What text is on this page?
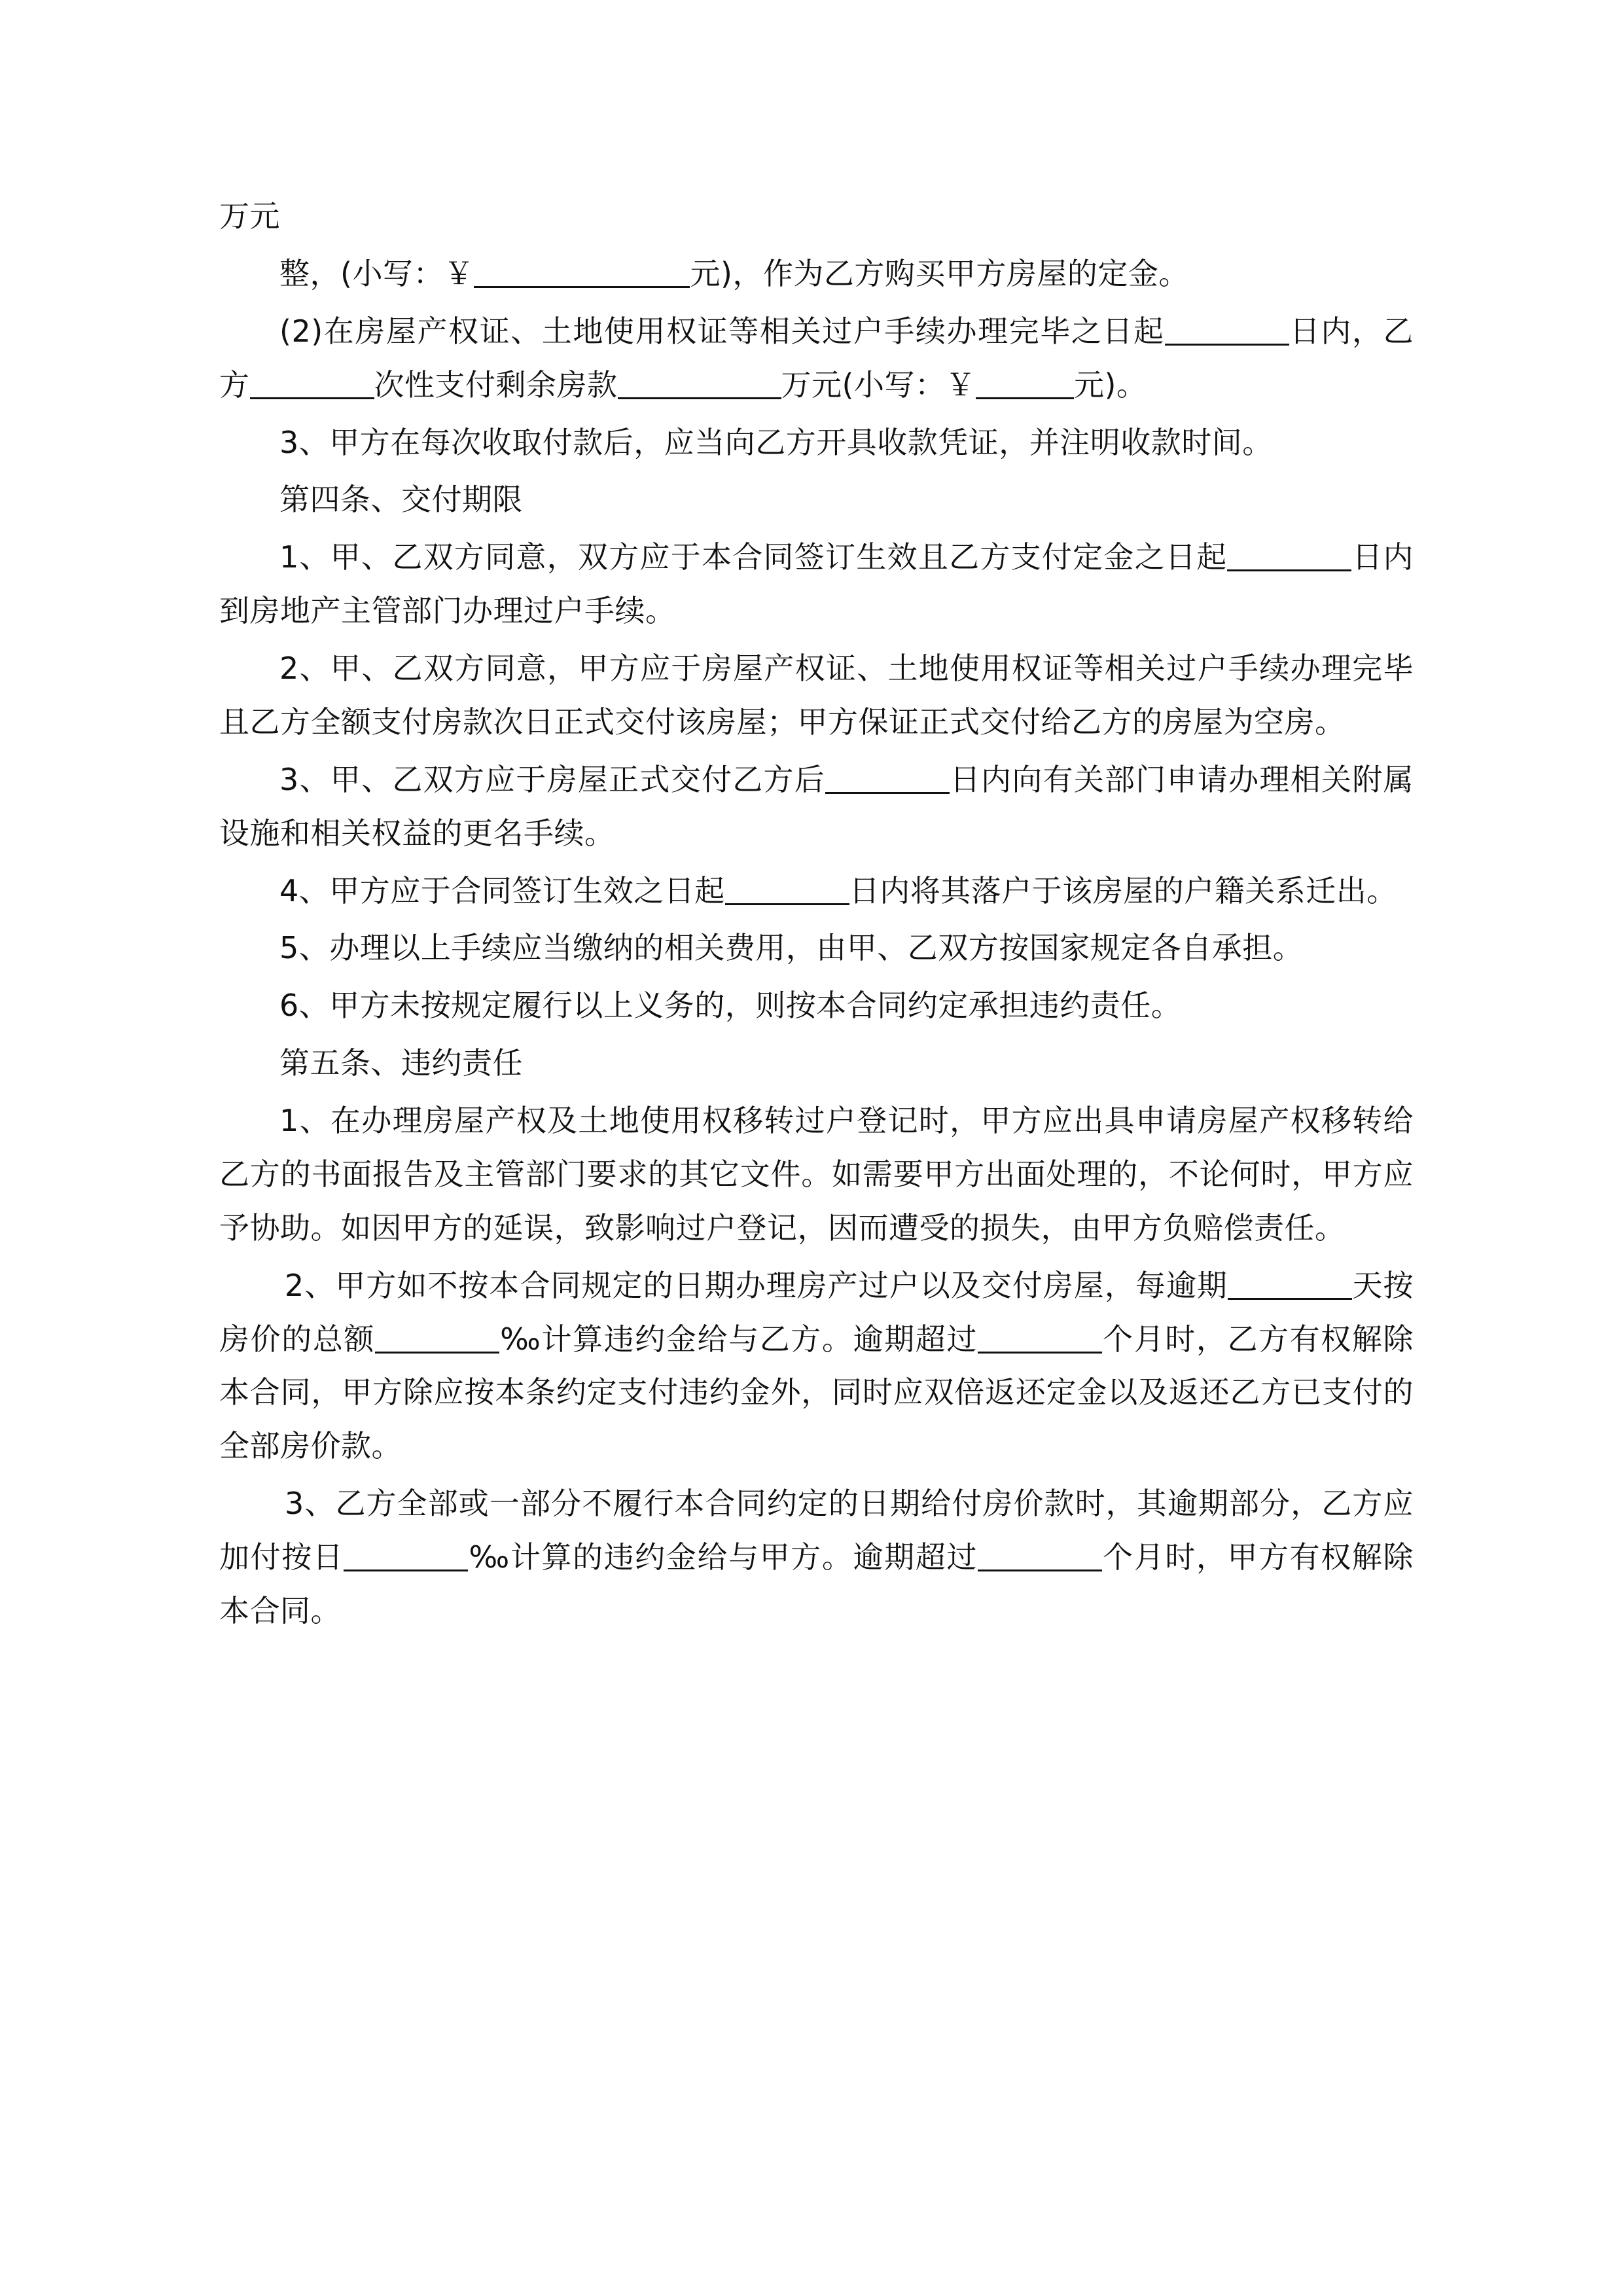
万元

整，(小写：￥	元)，作为乙方购买甲方房屋的定金。

(2)在房屋产权证、土地使用权证等相关过户手续办理完毕之日起	日内，乙方	次性支付剩余房款	万元(小写：￥	元)。

3、甲方在每次收取付款后，应当向乙方开具收款凭证，并注明收款时间。

第四条、交付期限

1、甲、乙双方同意，双方应于本合同签订生效且乙方支付定金之日起	日内到房地产主管部门办理过户手续。

2、甲、乙双方同意，甲方应于房屋产权证、土地使用权证等相关过户手续办理完毕且乙方全额支付房款次日正式交付该房屋；甲方保证正式交付给乙方的房屋为空房。

3、甲、乙双方应于房屋正式交付乙方后	日内向有关部门申请办理相关附属设施和相关权益的更名手续。

4、甲方应于合同签订生效之日起	日内将其落户于该房屋的户籍关系迁出。

5、办理以上手续应当缴纳的相关费用，由甲、乙双方按国家规定各自承担。

6、甲方未按规定履行以上义务的，则按本合同约定承担违约责任。

第五条、违约责任

1、在办理房屋产权及土地使用权移转过户登记时，甲方应出具申请房屋产权移转给乙方的书面报告及主管部门要求的其它文件。如需要甲方出面处理的，不论何时，甲方应予协助。如因甲方的延误，致影响过户登记，因而遭受的损失，由甲方负赔偿责任。

2、甲方如不按本合同规定的日期办理房产过户以及交付房屋，每逾期	天按房价的总额	‰计算违约金给与乙方。逾期超过	个月时，乙方有权解除本合同，甲方除应按本条约定支付违约金外，同时应双倍返还定金以及返还乙方已支付的全部房价款。

3、乙方全部或一部分不履行本合同约定的日期给付房价款时，其逾期部分，乙方应加付按日	‰计算的违约金给与甲方。逾期超过	个月时，甲方有权解除本合同。
